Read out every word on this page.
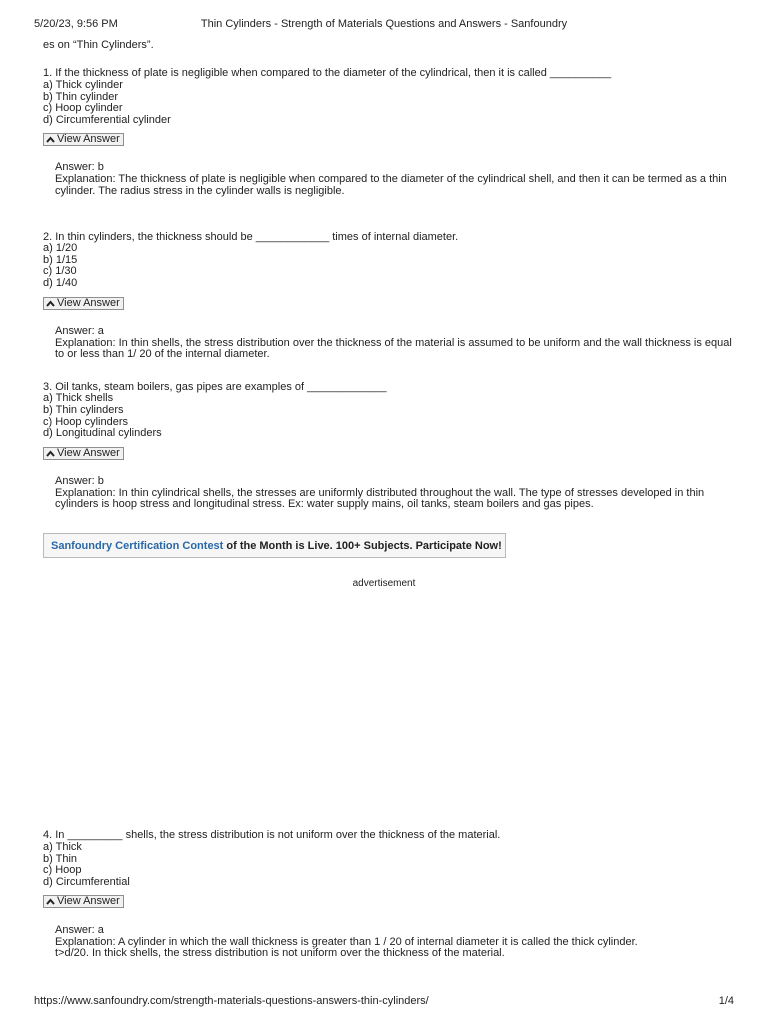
5/20/23, 9:56 PM	Thin Cylinders - Strength of Materials Questions and Answers - Sanfoundry
es on “Thin Cylinders”.
1. If the thickness of plate is negligible when compared to the diameter of the cylindrical, then it is called __________
a) Thick cylinder
b) Thin cylinder
c) Hoop cylinder
d) Circumferential cylinder
View Answer
Answer: b
Explanation: The thickness of plate is negligible when compared to the diameter of the cylindrical shell, and then it can be termed as a thin
cylinder. The radius stress in the cylinder walls is negligible.
2. In thin cylinders, the thickness should be ____________ times of internal diameter.
a) 1/20
b) 1/15
c) 1/30
d) 1/40
View Answer
Answer: a
Explanation: In thin shells, the stress distribution over the thickness of the material is assumed to be uniform and the wall thickness is equal
to or less than 1/ 20 of the internal diameter.
3. Oil tanks, steam boilers, gas pipes are examples of _____________
a) Thick shells
b) Thin cylinders
c) Hoop cylinders
d) Longitudinal cylinders
View Answer
Answer: b
Explanation: In thin cylindrical shells, the stresses are uniformly distributed throughout the wall. The type of stresses developed in thin
cylinders is hoop stress and longitudinal stress. Ex: water supply mains, oil tanks, steam boilers and gas pipes.
Sanfoundry Certification Contest of the Month is Live. 100+ Subjects. Participate Now!
advertisement
4. In _________ shells, the stress distribution is not uniform over the thickness of the material.
a) Thick
b) Thin
c) Hoop
d) Circumferential
View Answer
Answer: a
Explanation: A cylinder in which the wall thickness is greater than 1 / 20 of internal diameter it is called the thick cylinder.
t>d/20. In thick shells, the stress distribution is not uniform over the thickness of the material.
https://www.sanfoundry.com/strength-materials-questions-answers-thin-cylinders/	1/4
